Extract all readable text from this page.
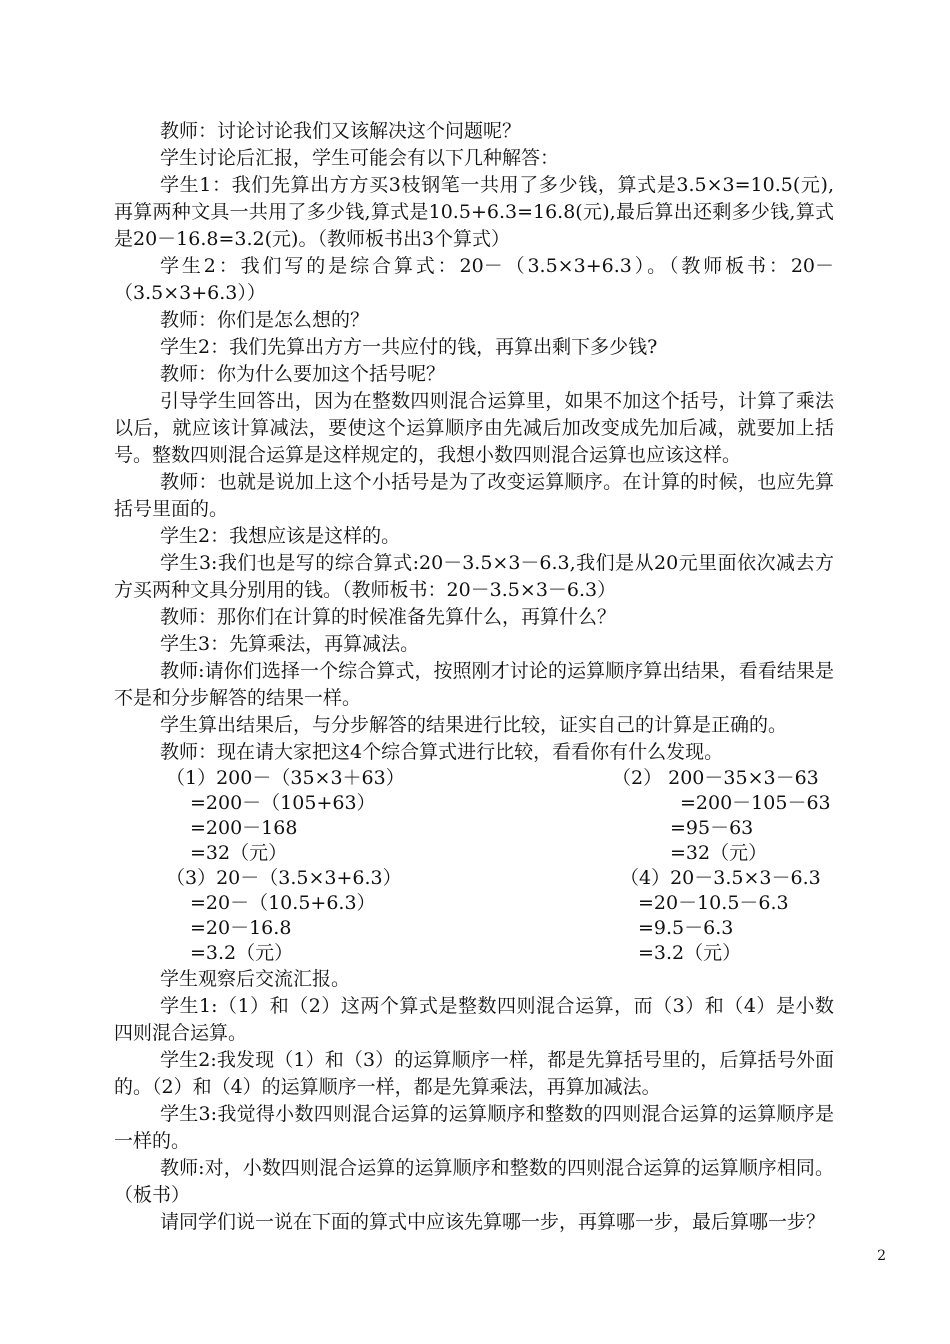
教师：讨论讨论我们又该解决这个问题呢？

学生讨论后汇报，学生可能会有以下几种解答：

学生1：我们先算出方方买3枝钢笔一共用了多少钱，算式是3.5×3=10.5(元),再算两种文具一共用了多少钱,算式是10.5+6.3=16.8(元),最后算出还剩多少钱,算式是20－16.8=3.2(元)。（教师板书出3个算式）

学生2：我们写的是综合算式：20－（3.5×3+6.3）。（教师板书：20－（3.5×3+6.3））

教师：你们是怎么想的？

学生2：我们先算出方方一共应付的钱，再算出剩下多少钱?

教师：你为什么要加这个括号呢？

引导学生回答出，因为在整数四则混合运算里，如果不加这个括号，计算了乘法以后，就应该计算减法，要使这个运算顺序由先减后加改变成先加后减，就要加上括号。整数四则混合运算是这样规定的，我想小数四则混合运算也应该这样。

教师：也就是说加上这个小括号是为了改变运算顺序。在计算的时候，也应先算括号里面的。

学生2：我想应该是这样的。

学生3:我们也是写的综合算式:20－3.5×3－6.3,我们是从20元里面依次减去方方买两种文具分别用的钱。（教师板书：20－3.5×3－6.3）

教师：那你们在计算的时候准备先算什么，再算什么？

学生3：先算乘法，再算减法。

教师:请你们选择一个综合算式，按照刚才讨论的运算顺序算出结果，看看结果是不是和分步解答的结果一样。

学生算出结果后，与分步解答的结果进行比较，证实自己的计算是正确的。

教师：现在请大家把这4个综合算式进行比较，看看你有什么发现。

（1）200－（35×3＋63）
=200－（105+63）
=200－168
=32（元）
（2） 200－35×3－63
=200－105－63
=95－63
=32（元）
（3）20－（3.5×3+6.3）
=20－（10.5+6.3）
=20－16.8
=3.2（元）
（4）20－3.5×3－6.3
=20－10.5－6.3
=9.5－6.3
=3.2（元）

学生观察后交流汇报。

学生1:（1）和（2）这两个算式是整数四则混合运算，而（3）和（4）是小数四则混合运算。

学生2:我发现（1）和（3）的运算顺序一样，都是先算括号里的，后算括号外面的。（2）和（4）的运算顺序一样，都是先算乘法，再算加减法。

学生3:我觉得小数四则混合运算的运算顺序和整数的四则混合运算的运算顺序是一样的。

教师:对，小数四则混合运算的运算顺序和整数的四则混合运算的运算顺序相同。（板书）

请同学们说一说在下面的算式中应该先算哪一步，再算哪一步，最后算哪一步？

2
